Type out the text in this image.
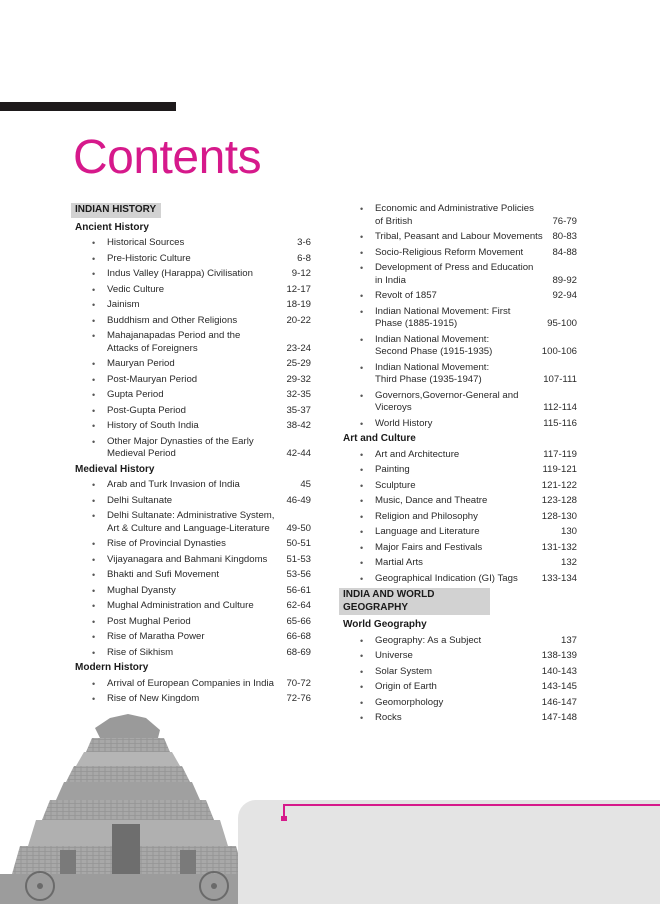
Contents
INDIAN HISTORY
Ancient History
• Historical Sources	3-6
• Pre-Historic Culture	6-8
• Indus Valley (Harappa) Civilisation	9-12
• Vedic Culture	12-17
• Jainism	18-19
• Buddhism and Other Religions	20-22
• Mahajanapadas Period and the
Attacks of Foreigners	23-24
• Mauryan Period	25-29
• Post-Mauryan Period	29-32
• Gupta Period	32-35
• Post-Gupta Period	35-37
• History of South India	38-42
• Other Major Dynasties of the Early
Medieval Period	42-44
Medieval History
• Arab and Turk Invasion of India	45
• Delhi Sultanate	46-49
• Delhi Sultanate: Administrative System,
Art & Culture and Language-Literature	49-50
• Rise of Provincial Dynasties	50-51
• Vijayanagara and Bahmani Kingdoms	51-53
• Bhakti and Sufi Movement	53-56
• Mughal Dyansty	56-61
• Mughal Administration and Culture	62-64
• Post Mughal Period	65-66
• Rise of Maratha Power	66-68
• Rise of Sikhism	68-69
Modern History
• Arrival of European Companies in India	70-72
• Rise of New Kingdom	72-76
• Economic and Administrative Policies
of British	76-79
• Tribal, Peasant and Labour Movements	80-83
• Socio-Religious Reform Movement	84-88
• Development of Press and Education
in India	89-92
• Revolt of 1857	92-94
• Indian National Movement: First
Phase (1885-1915)	95-100
• Indian National Movement:
Second Phase (1915-1935)	100-106
• Indian National Movement:
Third Phase (1935-1947)	107-111
• Governors,Governor-General and
Viceroys	112-114
• World History	115-116
Art and Culture
• Art and Architecture	117-119
• Painting	119-121
• Sculpture	121-122
• Music, Dance and Theatre	123-128
• Religion and Philosophy	128-130
• Language and Literature	130
• Major Fairs and Festivals	131-132
• Martial Arts	132
• Geographical Indication (GI) Tags	133-134
INDIA AND WORLD GEOGRAPHY
World Geography
• Geography: As a Subject	137
• Universe	138-139
• Solar System	140-143
• Origin of Earth	143-145
• Geomorphology	146-147
• Rocks	147-148
